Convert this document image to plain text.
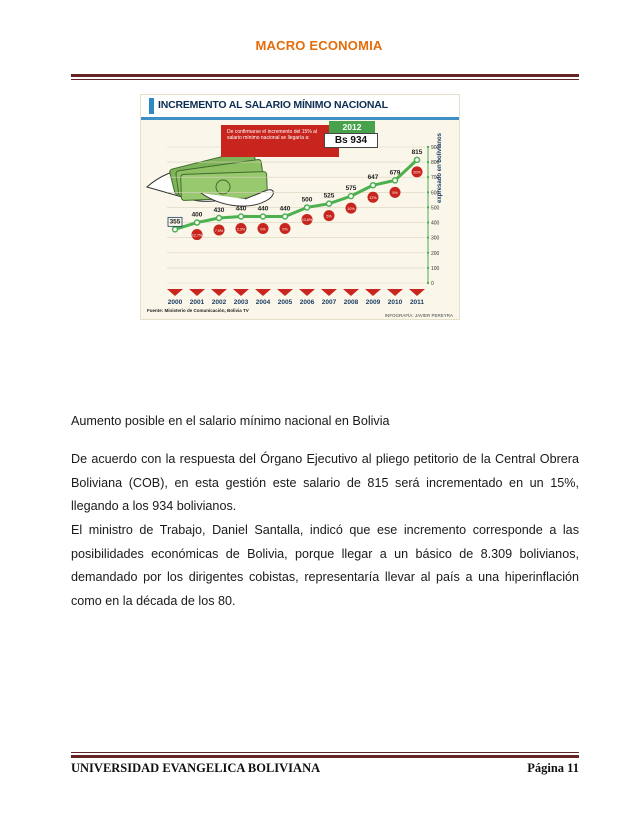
MACRO ECONOMIA
INCREMENTO AL SALARIO MÍNIMO NACIONAL
0
100
200
300
400
500
600
700
800
900
355
400
12,7%
430
7,5%
440
2,3%
440
0%
440
0%
500
13,6%
525
5%
575
10%
647
12%
679
5%
815
20%
2000 2001 2002 2003 2004 2005 2006 2007 2008 2009 2010 2011
De confirmarse el incremento del 15% al salario mínimo nacional se llegaría a:
2012
Bs 934	expresado en bolivianos
Fuente: Ministerio de Comunicación, Bolivia TV
INFOGRAFÍA: JAVIER PEREYRA

Aumento posible en el salario mínimo nacional en Bolivia

De acuerdo con la respuesta del Órgano Ejecutivo al pliego petitorio de la Central Obrera Boliviana (COB), en esta gestión este salario de 815 será incrementado en un 15%, llegando a los 934 bolivianos.

El ministro de Trabajo, Daniel Santalla, indicó que ese incremento corresponde a las posibilidades económicas de Bolivia, porque llegar a un básico de 8.309 bolivianos, demandado por los dirigentes cobistas, representaría llevar al país a una hiperinflación como en la década de los 80.

UNIVERSIDAD EVANGELICA BOLIVIANA	Página 11
